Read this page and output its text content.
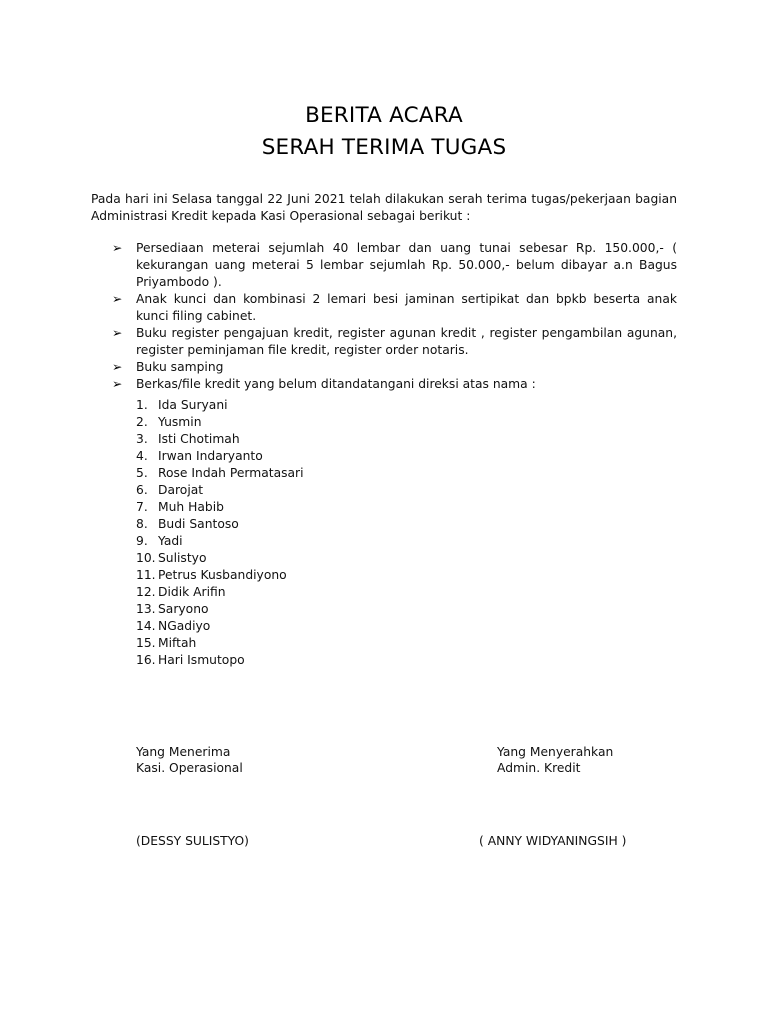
BERITA ACARA
SERAH TERIMA TUGAS
Pada hari ini Selasa tanggal 22 Juni 2021 telah dilakukan serah terima tugas/pekerjaan bagian Administrasi Kredit kepada Kasi Operasional sebagai berikut :
➢ Persediaan meterai sejumlah 40 lembar dan uang tunai sebesar Rp. 150.000,- ( kekurangan uang meterai 5 lembar sejumlah Rp. 50.000,- belum dibayar a.n Bagus Priyambodo ).
➢ Anak kunci dan kombinasi 2 lemari besi jaminan sertipikat dan bpkb beserta anak kunci filing cabinet.
➢ Buku register pengajuan kredit, register agunan kredit , register pengambilan agunan, register peminjaman file kredit, register order notaris.
➢ Buku samping
➢ Berkas/file kredit yang belum ditandatangani direksi atas nama :
1. Ida Suryani
2. Yusmin
3. Isti Chotimah
4. Irwan Indaryanto
5. Rose Indah Permatasari
6. Darojat
7. Muh Habib
8. Budi Santoso
9. Yadi
10. Sulistyo
11. Petrus Kusbandiyono
12. Didik Arifin
13. Saryono
14. NGadiyo
15. Miftah
16. Hari Ismutopo
Yang Menerima
Kasi. Operasional
Yang Menyerahkan
Admin. Kredit
(DESSY SULISTYO)	( ANNY WIDYANINGSIH )
